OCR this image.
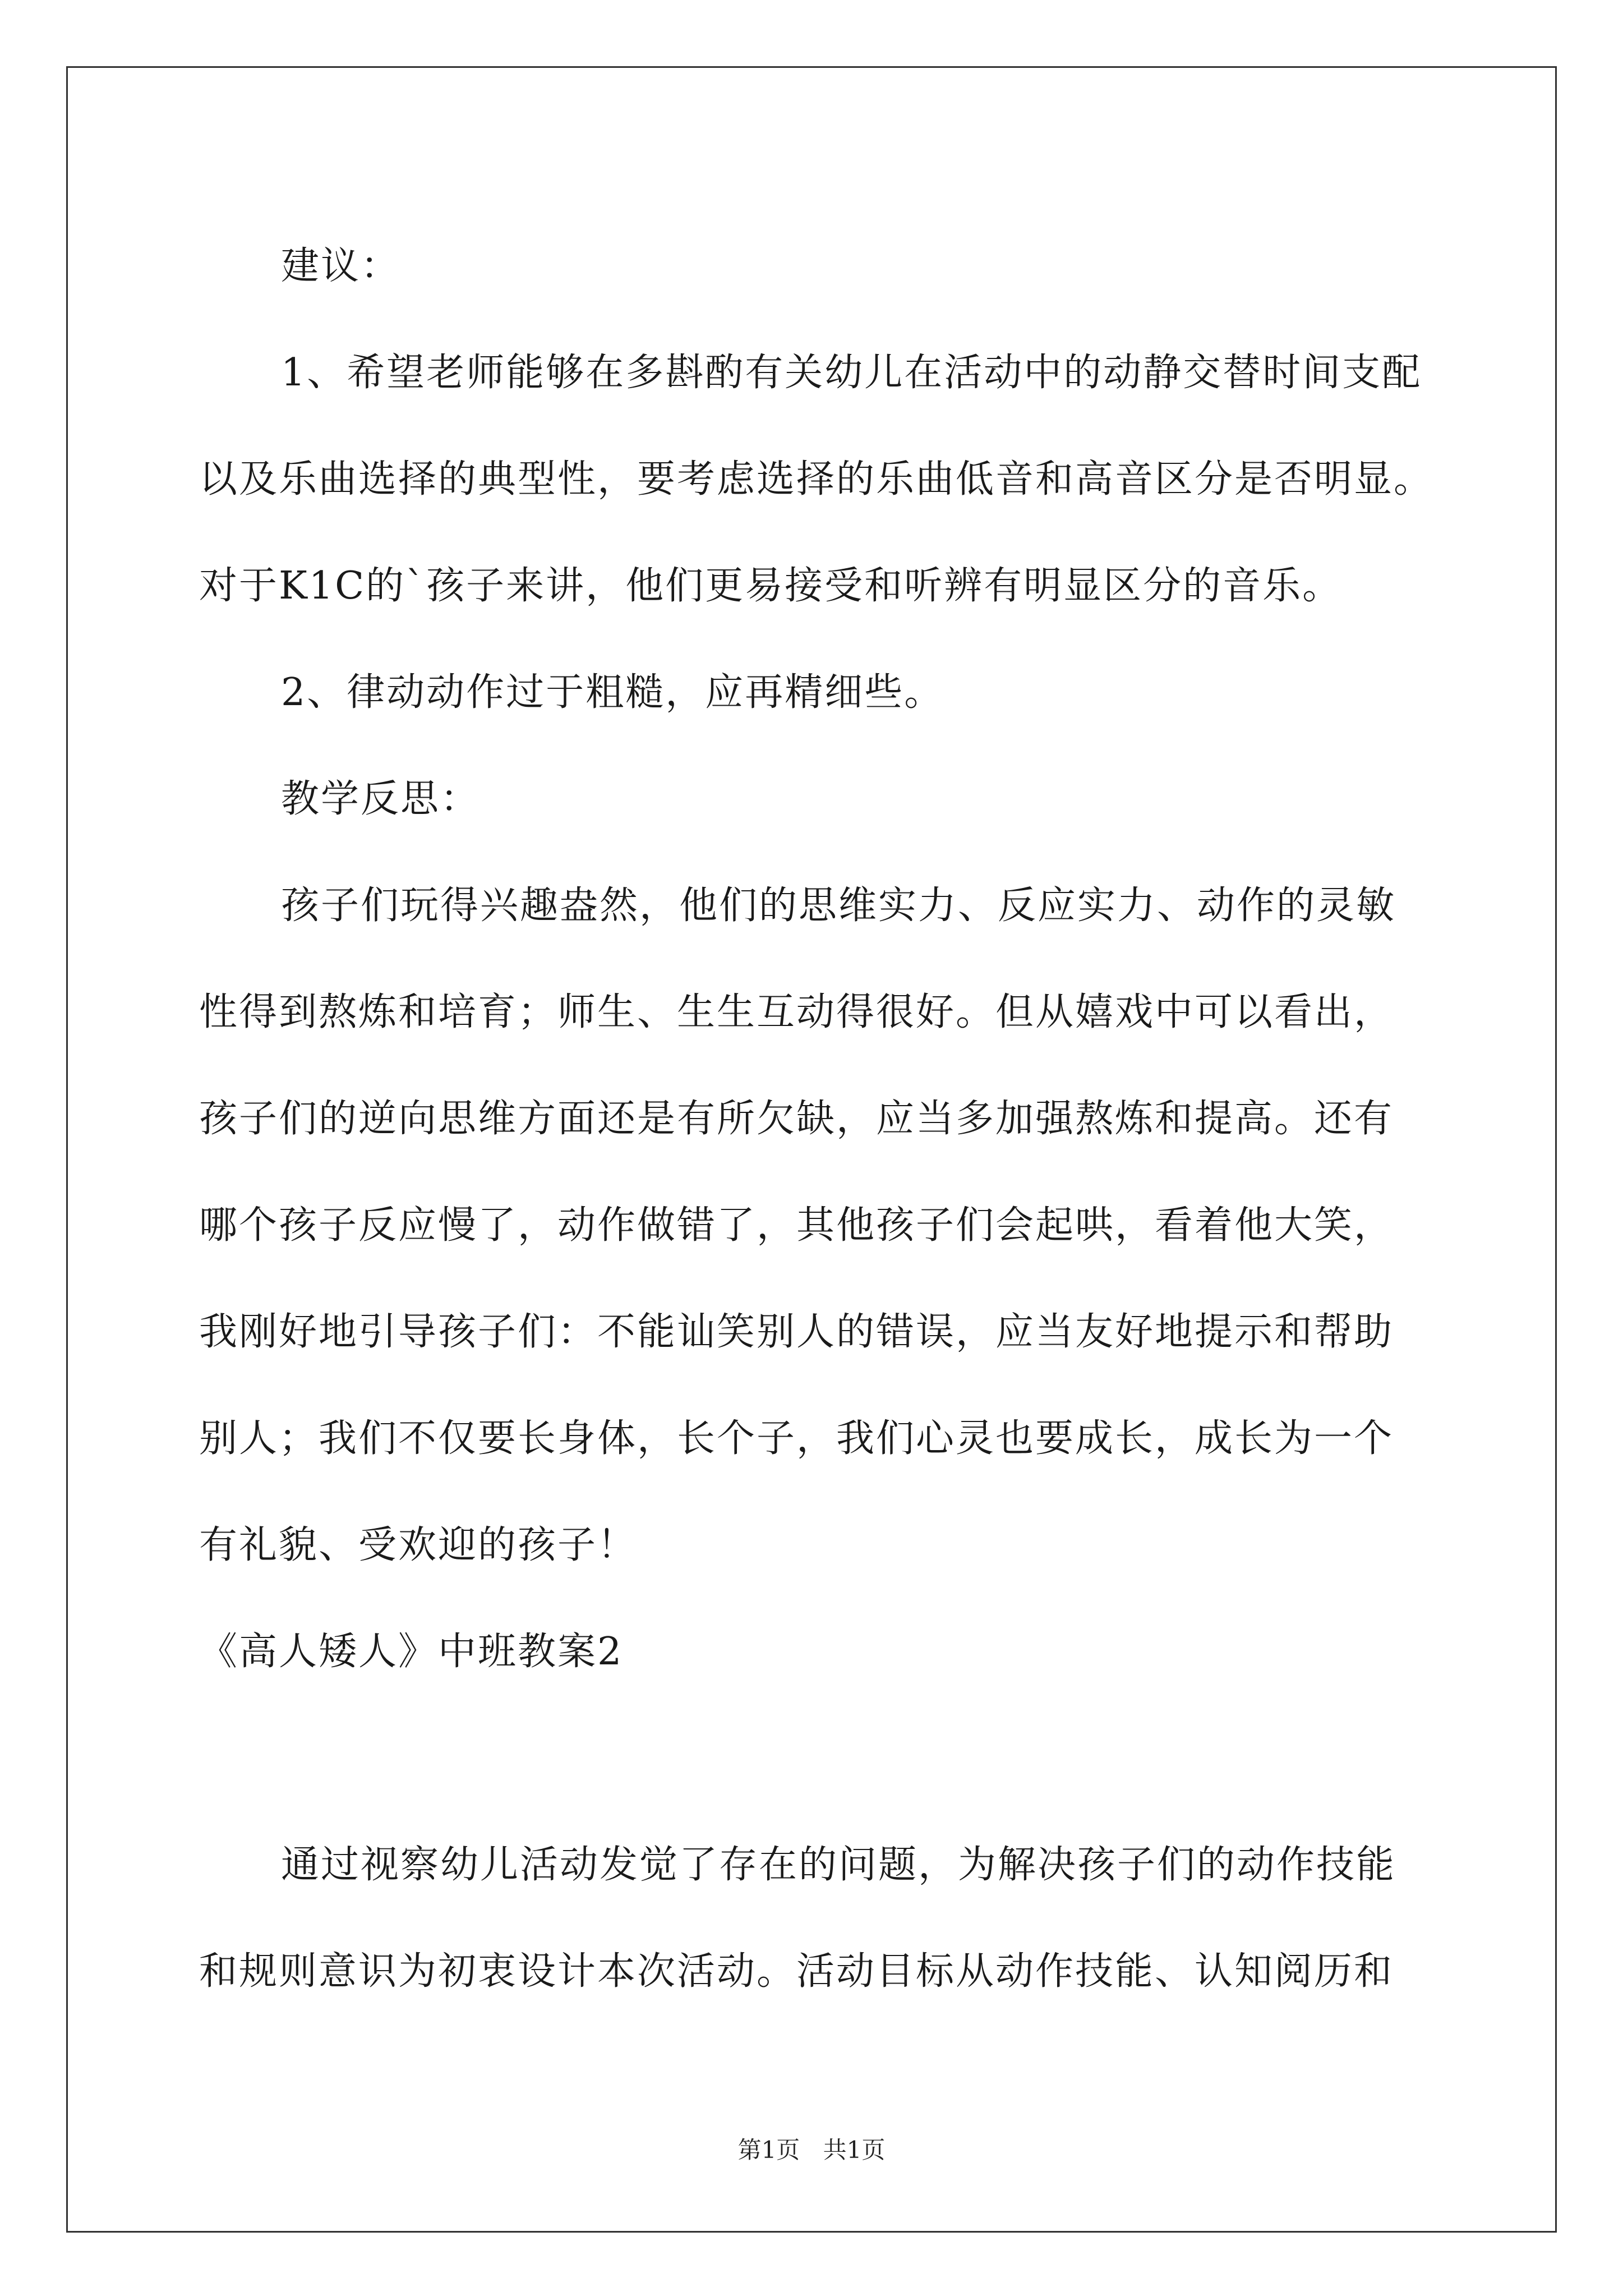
建议：

1、希望老师能够在多斟酌有关幼儿在活动中的动静交替时间支配

以及乐曲选择的典型性，要考虑选择的乐曲低音和高音区分是否明显。

对于K1C的`孩子来讲，他们更易接受和听辨有明显区分的音乐。

2、律动动作过于粗糙，应再精细些。

教学反思：

孩子们玩得兴趣盎然，他们的思维实力、反应实力、动作的灵敏

性得到熬炼和培育；师生、生生互动得很好。但从嬉戏中可以看出，

孩子们的逆向思维方面还是有所欠缺，应当多加强熬炼和提高。还有

哪个孩子反应慢了，动作做错了，其他孩子们会起哄，看着他大笑，

我刚好地引导孩子们：不能讪笑别人的错误，应当友好地提示和帮助

别人；我们不仅要长身体，长个子，我们心灵也要成长，成长为一个

有礼貌、受欢迎的孩子！

《高人矮人》中班教案2

通过视察幼儿活动发觉了存在的问题，为解决孩子们的动作技能

和规则意识为初衷设计本次活动。活动目标从动作技能、认知阅历和

第1页 共1页
